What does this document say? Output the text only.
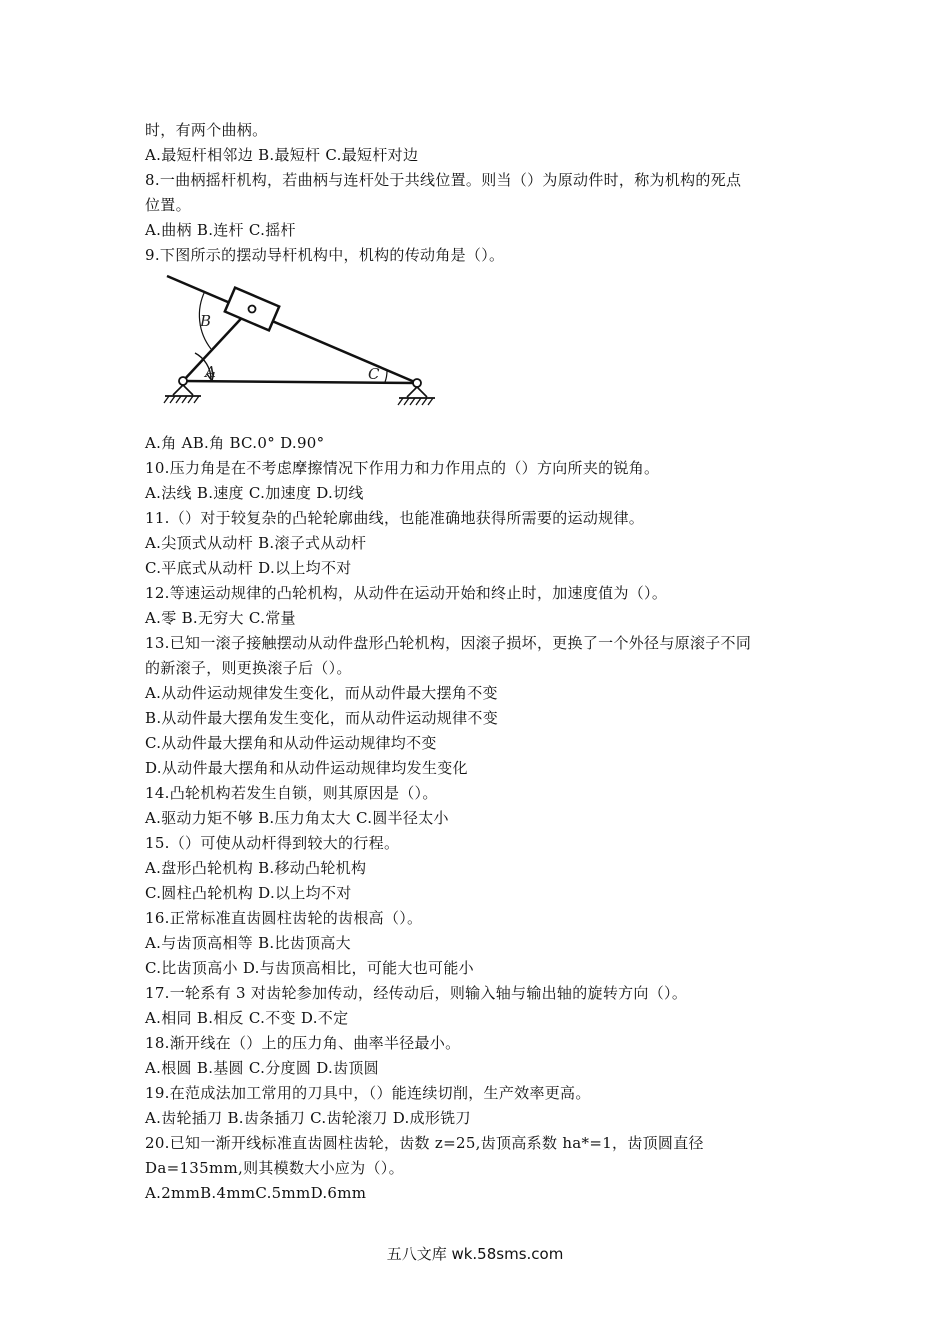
时，有两个曲柄。
A.最短杆相邻边 B.最短杆 C.最短杆对边
8.一曲柄摇杆机构，若曲柄与连杆处于共线位置。则当（）为原动件时，称为机构的死点
位置。
A.曲柄 B.连杆 C.摇杆
9.下图所示的摆动导杆机构中，机构的传动角是（）。
A
B
C
A.角 AB.角 BC.0° D.90°
10.压力角是在不考虑摩擦情况下作用力和力作用点的（）方向所夹的锐角。
A.法线 B.速度 C.加速度 D.切线
11.（）对于较复杂的凸轮轮廓曲线，也能准确地获得所需要的运动规律。
A.尖顶式从动杆 B.滚子式从动杆
C.平底式从动杆 D.以上均不对
12.等速运动规律的凸轮机构，从动件在运动开始和终止时，加速度值为（）。
A.零 B.无穷大 C.常量
13.已知一滚子接触摆动从动件盘形凸轮机构，因滚子损坏，更换了一个外径与原滚子不同
的新滚子，则更换滚子后（）。
A.从动件运动规律发生变化，而从动件最大摆角不变
B.从动件最大摆角发生变化，而从动件运动规律不变
C.从动件最大摆角和从动件运动规律均不变
D.从动件最大摆角和从动件运动规律均发生变化
14.凸轮机构若发生自锁，则其原因是（）。
A.驱动力矩不够 B.压力角太大 C.圆半径太小
15.（）可使从动杆得到较大的行程。
A.盘形凸轮机构 B.移动凸轮机构
C.圆柱凸轮机构 D.以上均不对
16.正常标准直齿圆柱齿轮的齿根高（）。
A.与齿顶高相等 B.比齿顶高大
C.比齿顶高小 D.与齿顶高相比，可能大也可能小
17.一轮系有 3 对齿轮参加传动，经传动后，则输入轴与输出轴的旋转方向（）。
A.相同 B.相反 C.不变 D.不定
18.渐开线在（）上的压力角、曲率半径最小。
A.根圆 B.基圆 C.分度圆 D.齿顶圆
19.在范成法加工常用的刀具中，（）能连续切削，生产效率更高。
A.齿轮插刀 B.齿条插刀 C.齿轮滚刀 D.成形铣刀
20.已知一渐开线标准直齿圆柱齿轮，齿数 z=25,齿顶高系数 ha*=1，齿顶圆直径
Da=135mm,则其模数大小应为（）。
A.2mmB.4mmC.5mmD.6mm
五八文库 wk.58sms.com
